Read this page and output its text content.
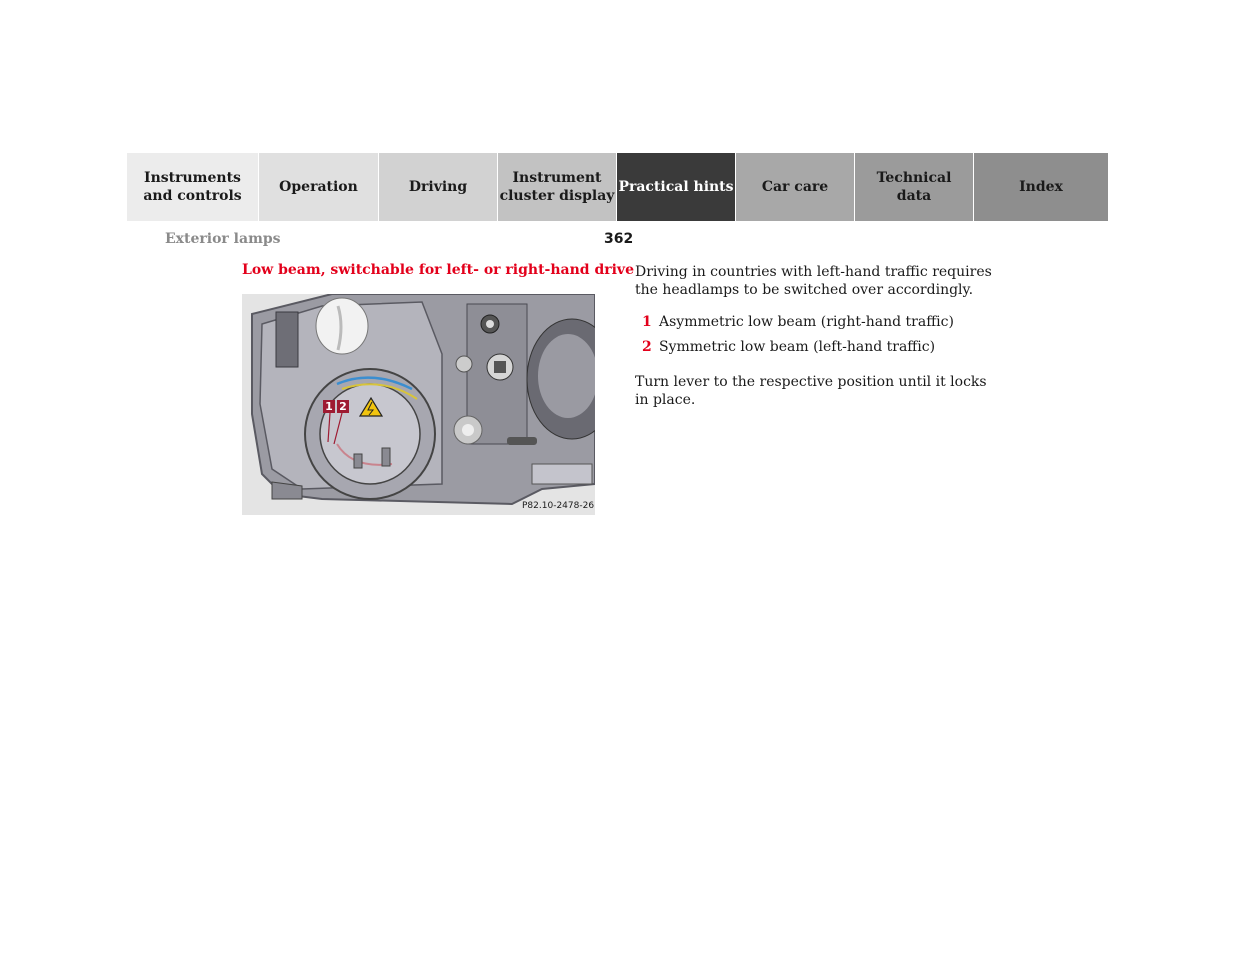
Instruments
and controls
Operation	Driving
Instrument
cluster display
Practical hints Car care
Technical
data
Index
Exterior lamps	362
Low beam, switchable for left- or right-hand drive
1 2
P82.10-2478-26
Driving in countries with left-hand traffic requires the headlamps to be switched over accordingly.
1 Asymmetric low beam (right-hand traffic)
2 Symmetric low beam (left-hand traffic)
Turn lever to the respective position until it locks in place.
